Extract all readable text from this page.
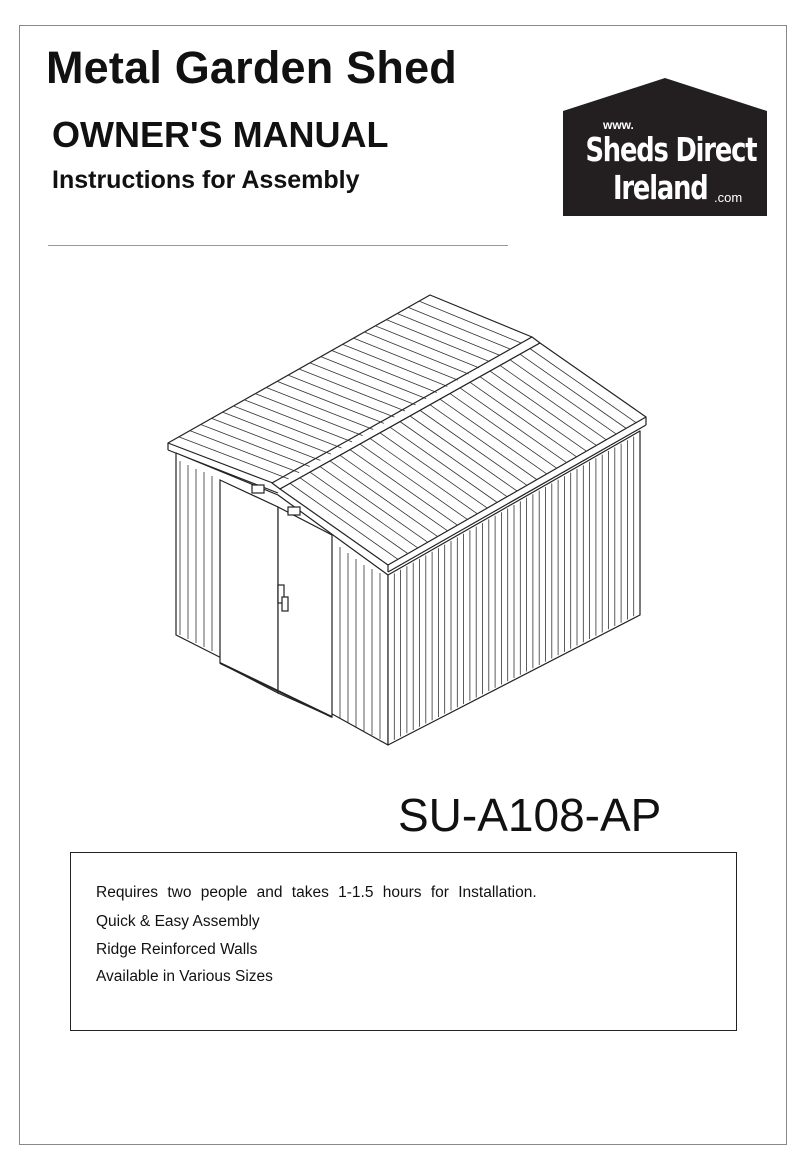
Metal Garden Shed
OWNER'S MANUAL
Instructions for Assembly
www.
Sheds Direct
Ireland .com
SU-A108-AP
Requires two people and takes 1-1.5 hours for Installation.
Quick & Easy Assembly
Ridge Reinforced Walls
Available in Various Sizes
